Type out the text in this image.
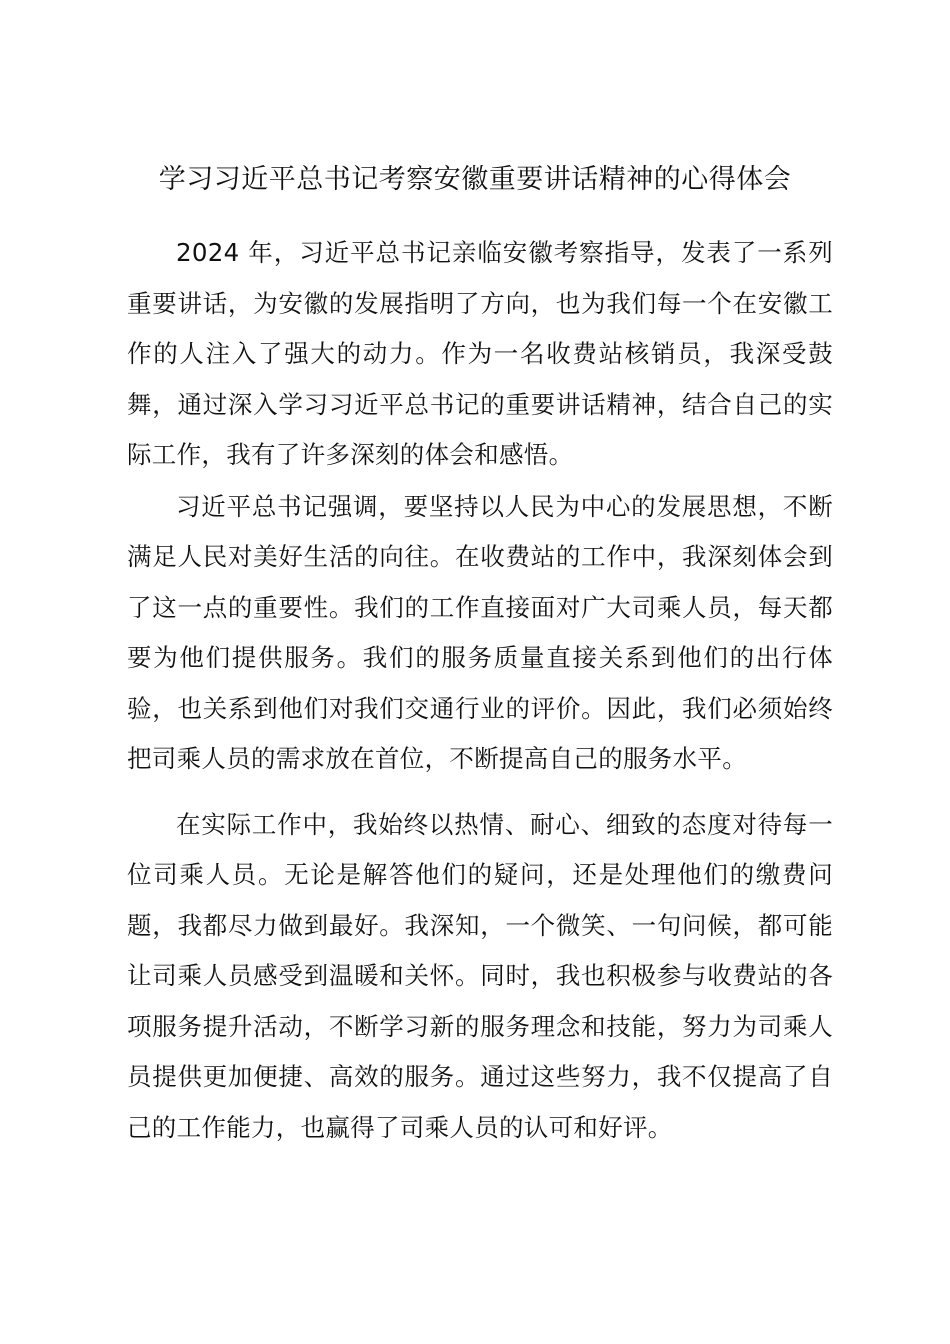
学习习近平总书记考察安徽重要讲话精神的心得体会

2024 年，习近平总书记亲临安徽考察指导，发表了一系列重要讲话，为安徽的发展指明了方向，也为我们每一个在安徽工作的人注入了强大的动力。作为一名收费站核销员，我深受鼓舞，通过深入学习习近平总书记的重要讲话精神，结合自己的实际工作，我有了许多深刻的体会和感悟。

习近平总书记强调，要坚持以人民为中心的发展思想，不断满足人民对美好生活的向往。在收费站的工作中，我深刻体会到了这一点的重要性。我们的工作直接面对广大司乘人员，每天都要为他们提供服务。我们的服务质量直接关系到他们的出行体验，也关系到他们对我们交通行业的评价。因此，我们必须始终把司乘人员的需求放在首位，不断提高自己的服务水平。

在实际工作中，我始终以热情、耐心、细致的态度对待每一位司乘人员。无论是解答他们的疑问，还是处理他们的缴费问题，我都尽力做到最好。我深知，一个微笑、一句问候，都可能让司乘人员感受到温暖和关怀。同时，我也积极参与收费站的各项服务提升活动，不断学习新的服务理念和技能，努力为司乘人员提供更加便捷、高效的服务。通过这些努力，我不仅提高了自己的工作能力，也赢得了司乘人员的认可和好评。
